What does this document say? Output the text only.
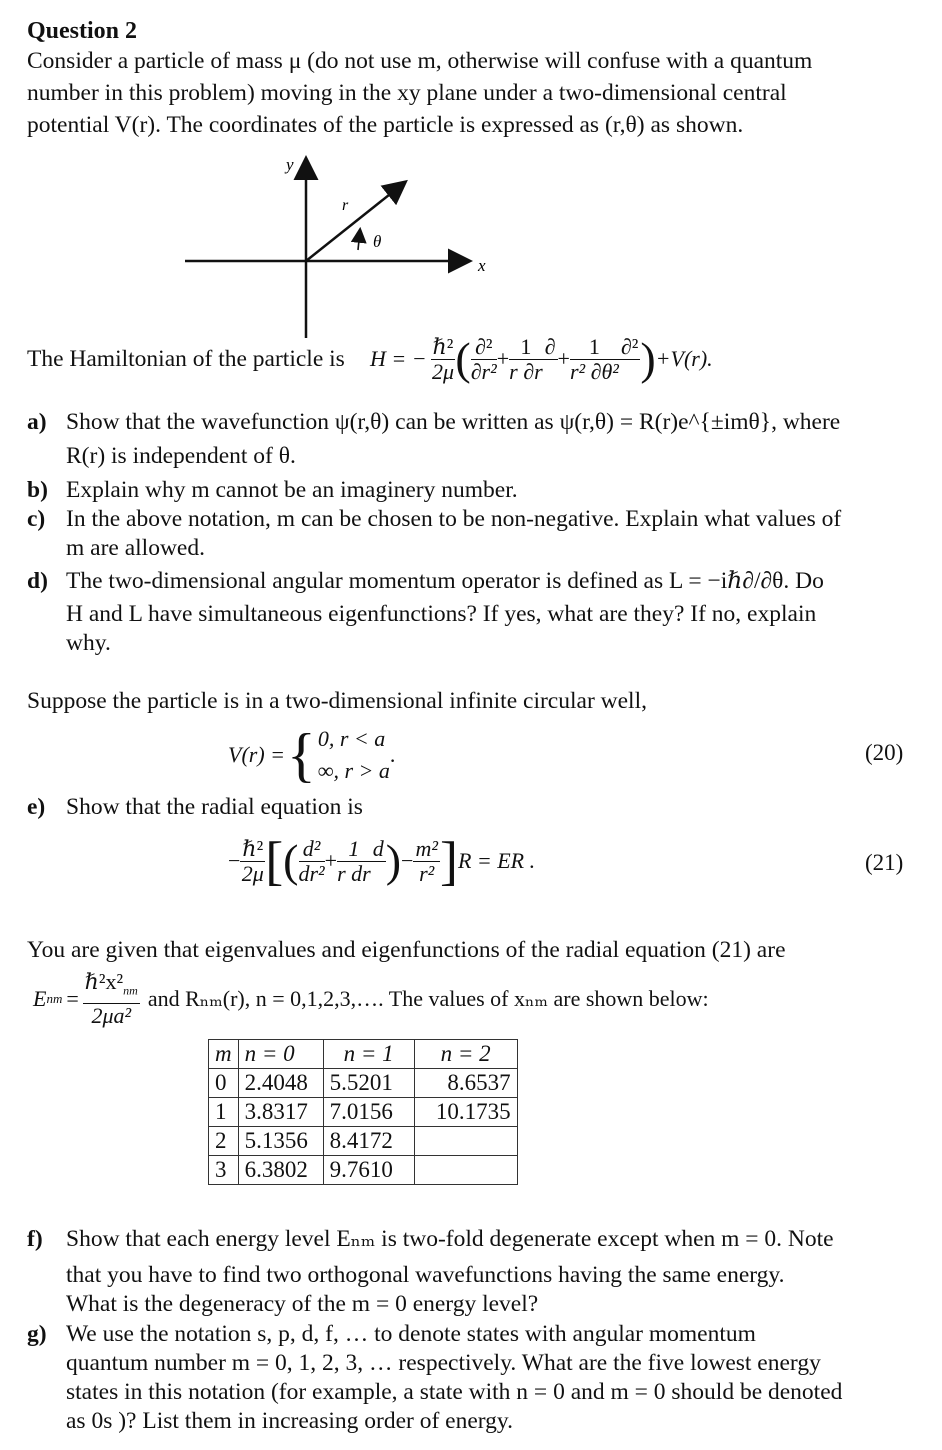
Question 2
Consider a particle of mass μ (do not use m, otherwise will confuse with a quantum
number in this problem) moving in the xy plane under a two-dimensional central
potential V(r). The coordinates of the particle is expressed as (r,θ) as shown.
y
x
r
θ
The Hamiltonian of the particle is H = − $\frac{\text{ℏ²}}{2\mu}$ ( $\frac{\text{∂²}}{\text{∂r²}} + \frac{1}{r \partial r}$ ∂ + $\frac{1}{\text{r² ∂θ²}} \partial^2$ ) +V(r).
a) Show that the wavefunction ψ(r,θ) can be written as ψ(r,θ) = R(r)e^{±imθ}, where
R(r) is independent of θ.
b) Explain why m cannot be an imaginery number.
c) In the above notation, m can be chosen to be non-negative. Explain what values of
m are allowed.
d) The two-dimensional angular momentum operator is defined as L = −iℏ∂/∂θ. Do
H and L have simultaneous eigenfunctions? If yes, what are they? If no, explain
why.
Suppose the particle is in a two-dimensional infinite circular well,
V(r) = { 0, r < a
∞, r > a
.	(20)
e) Show that the radial equation is
− $\frac{\text{ℏ²}}{2\mu}$ [ ( $\frac{\text{d²}}{\text{dr²}} + \frac{1}{\text{r dr}}$ d ) − $\frac{\text{m²}}{\text{r²}}$ ] R = ER .	(21)
You are given that eigenvalues and eigenfunctions of the radial equation (21) are
E nm = $\frac{\hbar^2x^2_{nm}}{\text{2μa²}}$ and Rₙₘ(r), n = 0,1,2,3,…. The values of xₙₘ are shown below:
m	n = 0	n = 1	n = 2
0	2.4048	5.5201	8.6537
1	3.8317	7.0156	10.1735
2	5.1356	8.4172	
3	6.3802	9.7610	
f) Show that each energy level Eₙₘ is two-fold degenerate except when m = 0. Note
that you have to find two orthogonal wavefunctions having the same energy.
What is the degeneracy of the m = 0 energy level?
g) We use the notation s, p, d, f, … to denote states with angular momentum
quantum number m = 0, 1, 2, 3, … respectively. What are the five lowest energy
states in this notation (for example, a state with n = 0 and m = 0 should be denoted
as 0s )? List them in increasing order of energy.
